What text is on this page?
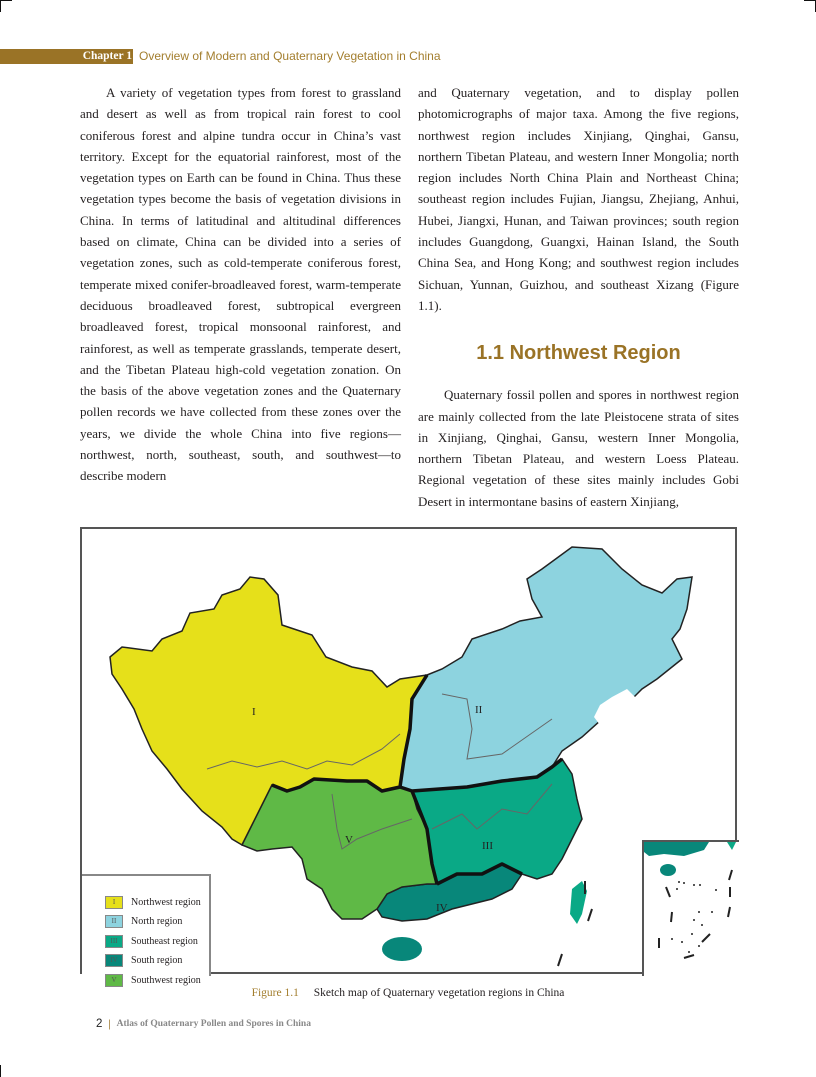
Chapter 1 Overview of Modern and Quaternary Vegetation in China

A variety of vegetation types from forest to grassland and desert as well as from tropical rain forest to cool coniferous forest and alpine tundra occur in China’s vast territory. Except for the equatorial rainforest, most of the vegetation types on Earth can be found in China. Thus these vegetation types become the basis of vegetation divisions in China. In terms of latitudinal and altitudinal differences based on climate, China can be divided into a series of vegetation zones, such as cold-temperate coniferous forest, temperate mixed conifer-broadleaved forest, warm-temperate deciduous broadleaved forest, subtropical evergreen broadleaved forest, tropical monsoonal rainforest, and rainforest, as well as temperate grasslands, temperate desert, and the Tibetan Plateau high-cold vegetation zonation. On the basis of the above vegetation zones and the Quaternary pollen records we have collected from these zones over the years, we divide the whole China into five regions—northwest, north, southeast, south, and southwest—to describe modern

and Quaternary vegetation, and to display pollen photomicrographs of major taxa. Among the five regions, northwest region includes Xinjiang, Qinghai, Gansu, northern Tibetan Plateau, and western Inner Mongolia; north region includes North China Plain and Northeast China; southeast region includes Fujian, Jiangsu, Zhejiang, Anhui, Hubei, Jiangxi, Hunan, and Taiwan provinces; south region includes Guangdong, Guangxi, Hainan Island, the South China Sea, and Hong Kong; and southwest region includes Sichuan, Yunnan, Guizhou, and southeast Xizang (Figure 1.1).

1.1 Northwest Region

Quaternary fossil pollen and spores in northwest region are mainly collected from the late Pleistocene strata of sites in Xinjiang, Qinghai, Gansu, western Inner Mongolia, northern Tibetan Plateau, and western Loess Plateau. Regional vegetation of these sites mainly includes Gobi Desert in intermontane basins of eastern Xinjiang,

I	II
III
IV
V
I	Northwest region
II	North region
III	Southeast region
IV	South region
V	Southwest region
Figure 1.1 Sketch map of Quaternary vegetation regions in China
2 | Atlas of Quaternary Pollen and Spores in China
